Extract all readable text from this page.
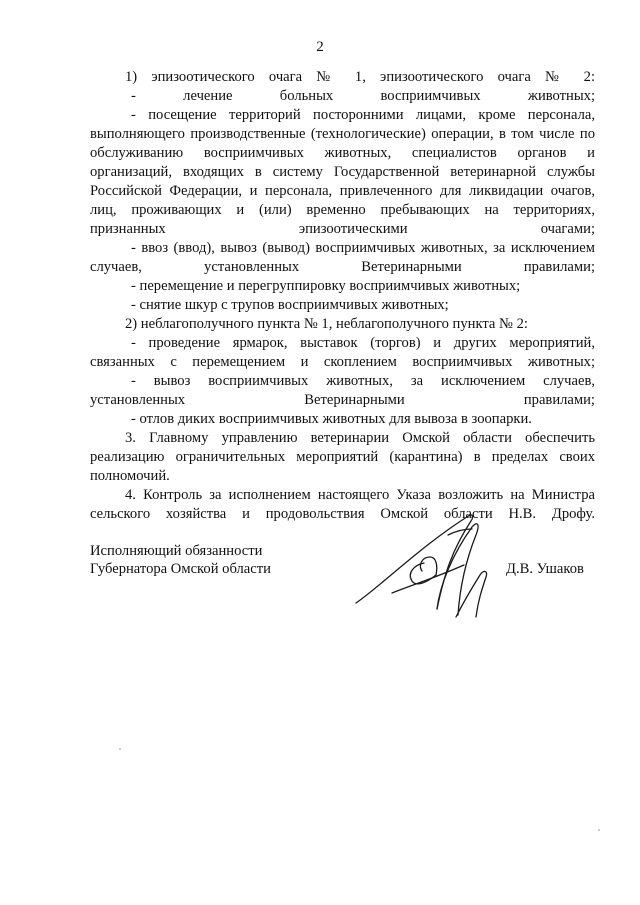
2

1) эпизоотического очага № 1, эпизоотического очага № 2:

- лечение больных восприимчивых животных;

- посещение территорий посторонними лицами, кроме персонала, выполняющего производственные (технологические) операции, в том числе по обслуживанию восприимчивых животных, специалистов органов и организаций, входящих в систему Государственной ветеринарной службы Российской Федерации, и персонала, привлеченного для ликвидации очагов, лиц, проживающих и (или) временно пребывающих на территориях, признанных эпизоотическими очагами;

- ввоз (ввод), вывоз (вывод) восприимчивых животных, за исключением случаев, установленных Ветеринарными правилами;

- перемещение и перегруппировку восприимчивых животных;

- снятие шкур с трупов восприимчивых животных;

2) неблагополучного пункта № 1, неблагополучного пункта № 2:

- проведение ярмарок, выставок (торгов) и других мероприятий, связанных с перемещением и скоплением восприимчивых животных;

- вывоз восприимчивых животных, за исключением случаев, установленных Ветеринарными правилами;

- отлов диких восприимчивых животных для вывоза в зоопарки.

3. Главному управлению ветеринарии Омской области обеспечить реализацию ограничительных мероприятий (карантина) в пределах своих полномочий.

4. Контроль за исполнением настоящего Указа возложить на Министра сельского хозяйства и продовольствия Омской области Н.В. Дрофу.

Исполняющий обязанности
Губернатора Омской области	Д.В. Ушаков
